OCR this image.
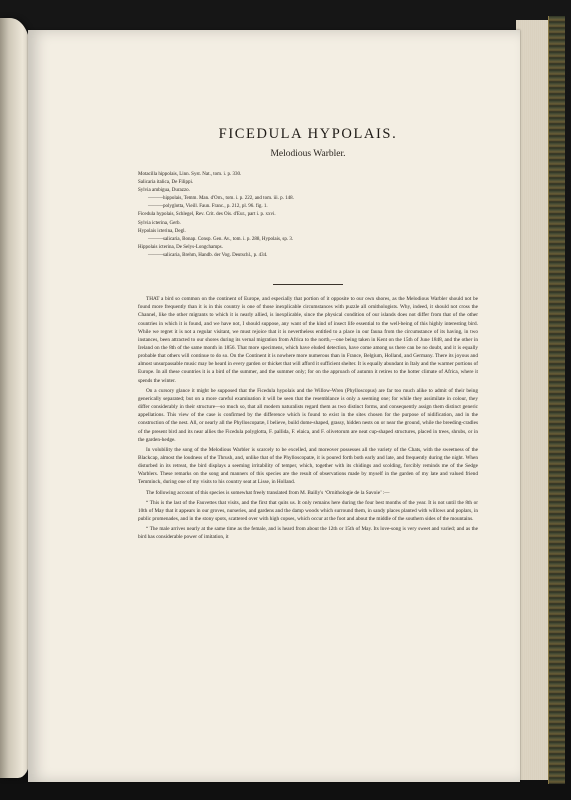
FICEDULA HYPOLAIS.
Melodious Warbler.
Motacilla hippolais, Linn. Syst. Nat., tom. i. p. 330.
Salicaria italica, De Filippi.
Sylvia ambigua, Durazzo.
——— hippolais, Temm. Man. d'Orn., tom. i. p. 222, and tom. iii. p. 148.
——— polyglotta, Vieill. Faun. Franc., p. 212, pl. 96. fig. 1.
Ficedula hypolais, Schlegel, Rev. Crit. des Ois. d'Eur., part i. p. xxvi.
Sylvia icterina, Gerb.
Hypolais icterina, Degl.
——— salicaria, Bonap. Consp. Gen. Av., tom. i. p. 288, Hypolais, sp. 3.
Hippolais icterina, De Selys-Longchamps.
——— salicaria, Brehm, Handb. der Vog. Deutschl., p. 434.

THAT a bird so common on the continent of Europe, and especially that portion of it opposite to our own shores, as the Melodious Warbler should not be found more frequently than it is in this country is one of those inexplicable circumstances with puzzle all ornithologists. Why, indeed, it should not cross the Channel, like the other migrants to which it is nearly allied, is inexplicable, since the physical condition of our islands does not differ from that of the other countries in which it is found, and we have not, I should suppose, any want of the kind of insect life essential to the well-being of this highly interesting bird. While we regret it is not a regular visitant, we must rejoice that it is nevertheless entitled to a place in our fauna from the circumstance of its having, in two instances, been attracted to our shores during its vernal migration from Africa to the north,—one being taken in Kent on the 15th of June 1848, and the other in Ireland on the 8th of the same month in 1856. That more specimens, which have eluded detection, have come among us there can be no doubt, and it is equally probable that others will continue to do so. On the Continent it is nowhere more numerous than in France, Belgium, Holland, and Germany. There its joyous and almost unsurpassable music may be heard in every garden or thicket that will afford it sufficient shelter. It is equally abundant in Italy and the warmer portions of Europe. In all these countries it is a bird of the summer, and the summer only; for on the approach of autumn it retires to the hotter climate of Africa, where it spends the winter.

On a cursory glance it might be supposed that the Ficedula hypolais and the Willow-Wren (Phylloscopus) are far too much alike to admit of their being generically separated; but on a more careful examination it will be seen that the resemblance is only a seeming one; for while they assimilate in colour, they differ considerably in their structure—so much so, that all modern naturalists regard them as two distinct forms, and consequently assign them distinct generic appellations. This view of the case is confirmed by the difference which is found to exist in the sites chosen for the purpose of nidification, and in the construction of the nest. All, or nearly all the Phylloscopatæ, I believe, build dome-shaped, grassy, hidden nests on or near the ground, while the breeding-cradles of the present bird and its near allies the Ficedula polyglotta, F. pallida, F. elaica, and F. olivetorum are neat cup-shaped structures, placed in trees, shrubs, or in the garden-hedge.

In volubility the song of the Melodious Warbler is scarcely to be excelled, and moreover possesses all the variety of the Chats, with the sweetness of the Blackcap, almost the loudness of the Thrush, and, unlike that of the Phylloscopatæ, it is poured forth both early and late, and frequently during the night. When disturbed in its retreat, the bird displays a seeming irritability of temper, which, together with its chidings and scolding, forcibly reminds me of the Sedge Warblers. These remarks on the song and manners of this species are the result of observations made by myself in the garden of my late and valued friend Temminck, during one of my visits to his country seat at Lisse, in Holland.

The following account of this species is somewhat freely translated from M. Bailly's ‘Ornithologie de la Savoie’ :—

“ This is the last of the Fauvettes that visits, and the first that quits us. It only remains here during the four best months of the year. It is not until the 8th or 10th of May that it appears in our groves, nurseries, and gardens and the damp woods which surround them, in sandy places planted with willows and poplars, in public promenades, and in the stony spots, scattered over with high copses, which occur at the foot and about the middle of the southern sides of the mountains.

“ The male arrives nearly at the same time as the female, and is heard from about the 12th or 15th of May. Its love-song is very sweet and varied; and as the bird has considerable power of imitation, it
